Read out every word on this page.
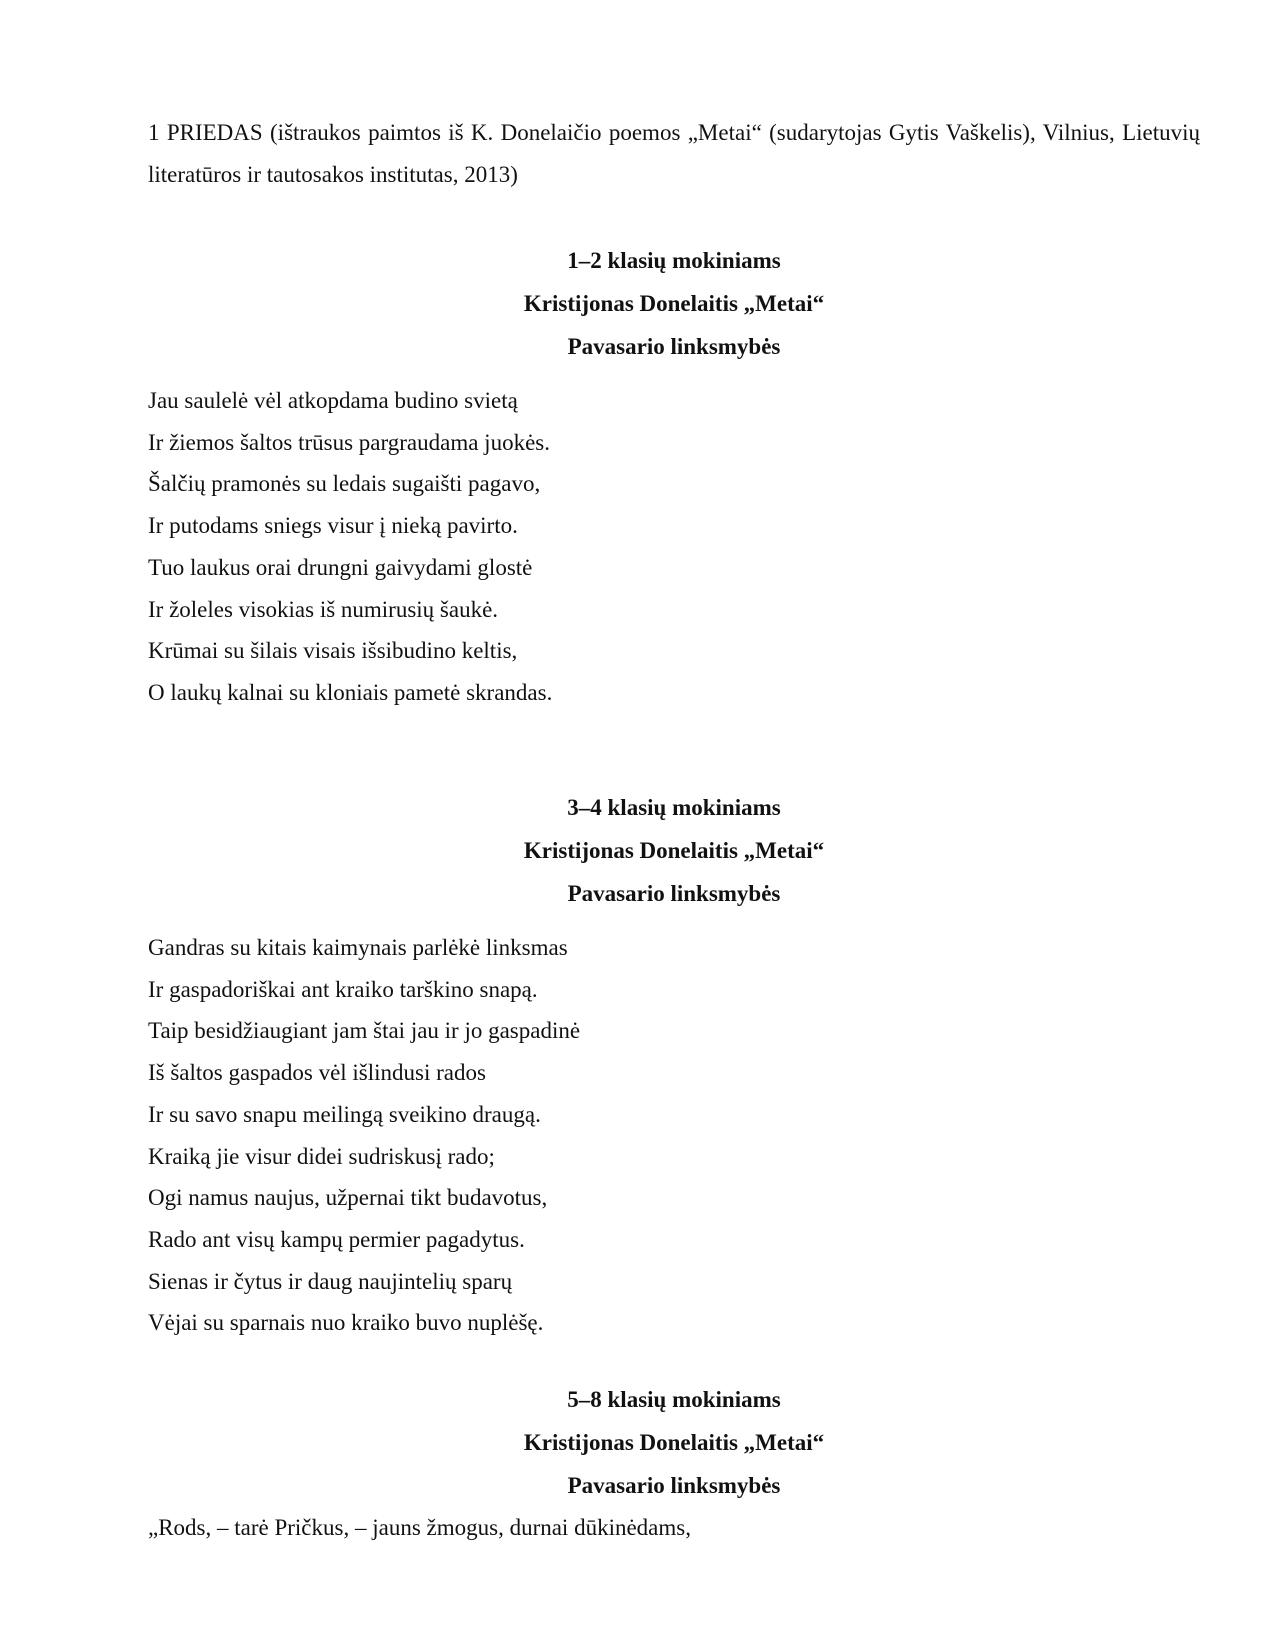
1 PRIEDAS (ištraukos paimtos iš K. Donelaičio poemos „Metai“ (sudarytojas Gytis Vaškelis), Vilnius, Lietuvių literatūros ir tautosakos institutas, 2013)

1–2 klasių mokiniams

Kristijonas Donelaitis „Metai“

Pavasario linksmybės

Jau saulelė vėl atkopdama budino svietą
Ir žiemos šaltos trūsus pargraudama juokės.
Šalčių pramonės su ledais sugaišti pagavo,
Ir putodams sniegs visur į nieką pavirto.
Tuo laukus orai drungni gaivydami glostė
Ir žoleles visokias iš numirusių šaukė.
Krūmai su šilais visais išsibudino keltis,
O laukų kalnai su kloniais pametė skrandas.

3–4 klasių mokiniams

Kristijonas Donelaitis „Metai“

Pavasario linksmybės

Gandras su kitais kaimynais parlėkė linksmas
Ir gaspadoriškai ant kraiko tarškino snapą.
Taip besidžiaugiant jam štai jau ir jo gaspadinė
Iš šaltos gaspados vėl išlindusi rados
Ir su savo snapu meilingą sveikino draugą.
Kraiką jie visur didei sudriskusį rado;
Ogi namus naujus, užpernai tikt budavotus,
Rado ant visų kampų permier pagadytus.
Sienas ir čytus ir daug naujintelių sparų
Vėjai su sparnais nuo kraiko buvo nuplėšę.

5–8 klasių mokiniams

Kristijonas Donelaitis „Metai“

Pavasario linksmybės

„Rods, – tarė Pričkus, – jauns žmogus, durnai dūkinėdams,
